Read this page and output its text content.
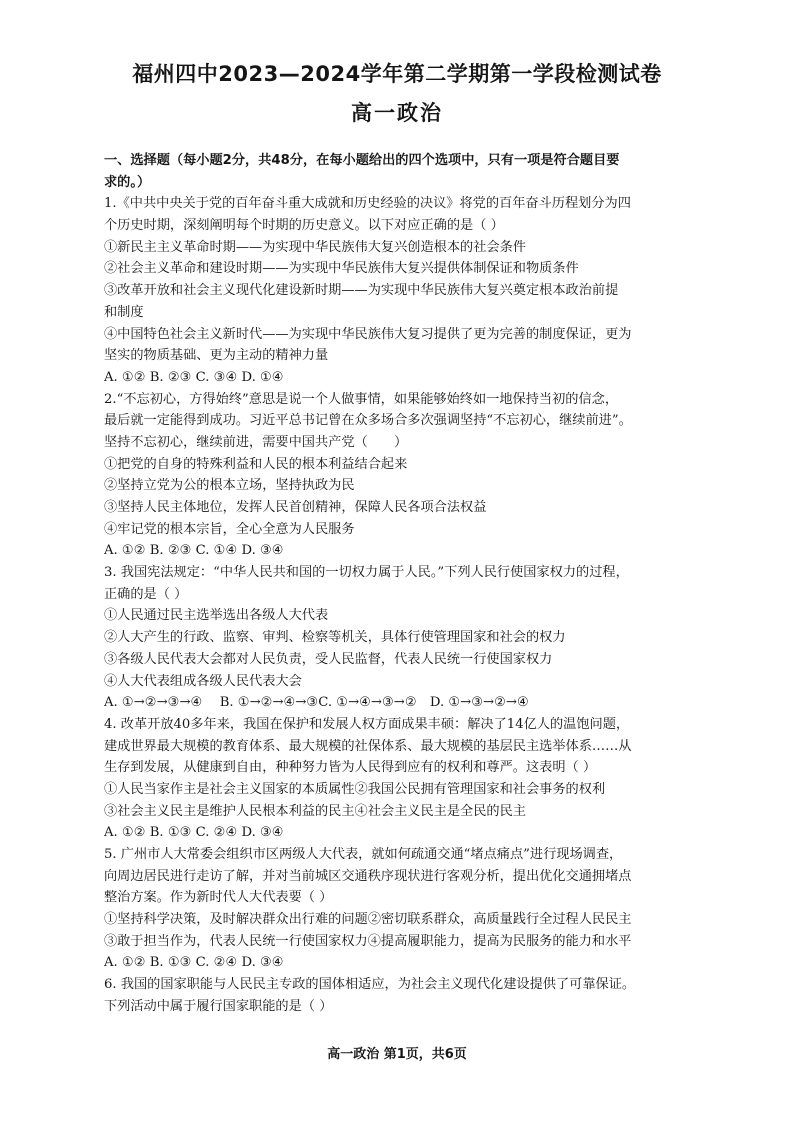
福州四中2023—2024学年第二学期第一学段检测试卷
高一政治
一、选择题（每小题2分，共48分，在每小题给出的四个选项中，只有一项是符合题目要
求的。）
1.《中共中央关于党的百年奋斗重大成就和历史经验的决议》将党的百年奋斗历程划分为四
个历史时期，深刻阐明每个时期的历史意义。以下对应正确的是（ ）
①新民主主义革命时期——为实现中华民族伟大复兴创造根本的社会条件
②社会主义革命和建设时期——为实现中华民族伟大复兴提供体制保证和物质条件
③改革开放和社会主义现代化建设新时期——为实现中华民族伟大复兴奠定根本政治前提
和制度
④中国特色社会主义新时代——为实现中华民族伟大复习提供了更为完善的制度保证，更为
坚实的物质基础、更为主动的精神力量
A. ①② B. ②③ C. ③④ D. ①④
2.“不忘初心，方得始终”意思是说一个人做事情，如果能够始终如一地保持当初的信念，
最后就一定能得到成功。习近平总书记曾在众多场合多次强调坚持“不忘初心，继续前进”。
坚持不忘初心，继续前进，需要中国共产党（　　）
①把党的自身的特殊利益和人民的根本利益结合起来
②坚持立党为公的根本立场，坚持执政为民
③坚持人民主体地位，发挥人民首创精神，保障人民各项合法权益
④牢记党的根本宗旨，全心全意为人民服务
A. ①② B. ②③ C. ①④ D. ③④
3. 我国宪法规定：“中华人民共和国的一切权力属于人民。”下列人民行使国家权力的过程，
正确的是（ ）
①人民通过民主选举选出各级人大代表
②人大产生的行政、监察、审判、检察等机关，具体行使管理国家和社会的权力
③各级人民代表大会都对人民负责，受人民监督，代表人民统一行使国家权力
④人大代表组成各级人民代表大会
A. ①→②→③→④　 B. ①→②→④→③C. ①→④→③→②　D. ①→③→②→④
4. 改革开放40多年来，我国在保护和发展人权方面成果丰硕：解决了14亿人的温饱问题，
建成世界最大规模的教育体系、最大规模的社保体系、最大规模的基层民主选举体系……从
生存到发展，从健康到自由，种种努力皆为人民得到应有的权利和尊严。这表明（ ）
①人民当家作主是社会主义国家的本质属性②我国公民拥有管理国家和社会事务的权利
③社会主义民主是维护人民根本利益的民主④社会主义民主是全民的民主
A. ①② B. ①③ C. ②④ D. ③④
5. 广州市人大常委会组织市区两级人大代表，就如何疏通交通“堵点痛点”进行现场调查，
向周边居民进行走访了解，并对当前城区交通秩序现状进行客观分析，提出优化交通拥堵点
整治方案。作为新时代人大代表要（ ）
①坚持科学决策，及时解决群众出行难的问题②密切联系群众，高质量践行全过程人民民主
③敢于担当作为，代表人民统一行使国家权力④提高履职能力，提高为民服务的能力和水平
A. ①② B. ①③ C. ②④ D. ③④
6. 我国的国家职能与人民民主专政的国体相适应，为社会主义现代化建设提供了可靠保证。
下列活动中属于履行国家职能的是（ ）
高一政治 第1页，共6页
